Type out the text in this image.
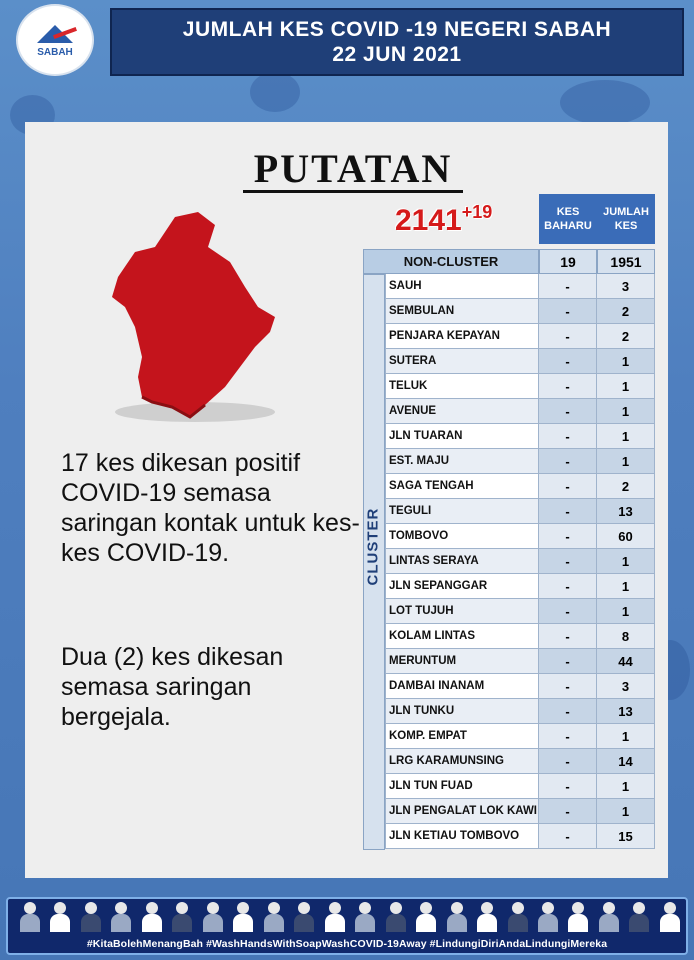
SABAH
JUMLAH KES COVID -19 NEGERI SABAH
22 JUN 2021
PUTATAN
$2141^{+19}$	KES BAHARU
JUMLAH KES
NON-CLUSTER	19	1951
SAUH	-	3
SEMBULAN	-	2
PENJARA KEPAYAN	-	2
SUTERA	-	1
TELUK	-	1
AVENUE	-	1
JLN TUARAN	-	1
EST. MAJU	-	1
SAGA TENGAH	-	2
TEGULI	-	13
TOMBOVO	-	60
LINTAS SERAYA	-	1
JLN SEPANGGAR	-	1
LOT TUJUH	-	1
KOLAM LINTAS	-	8
MERUNTUM	-	44
DAMBAI INANAM	-	3
JLN TUNKU	-	13
KOMP. EMPAT	-	1
LRG KARAMUNSING	-	14
JLN TUN FUAD	-	1
JLN PENGALAT LOK KAWI	-	1
JLN KETIAU TOMBOVO	-	15
17 kes dikesan positif COVID-19 semasa saringan kontak untuk kes-kes COVID-19.
Dua (2) kes dikesan semasa saringan bergejala.
#KitaBolehMenangBah #WashHandsWithSoapWashCOVID-19Away #LindungiDiriAndaLindungiMereka
